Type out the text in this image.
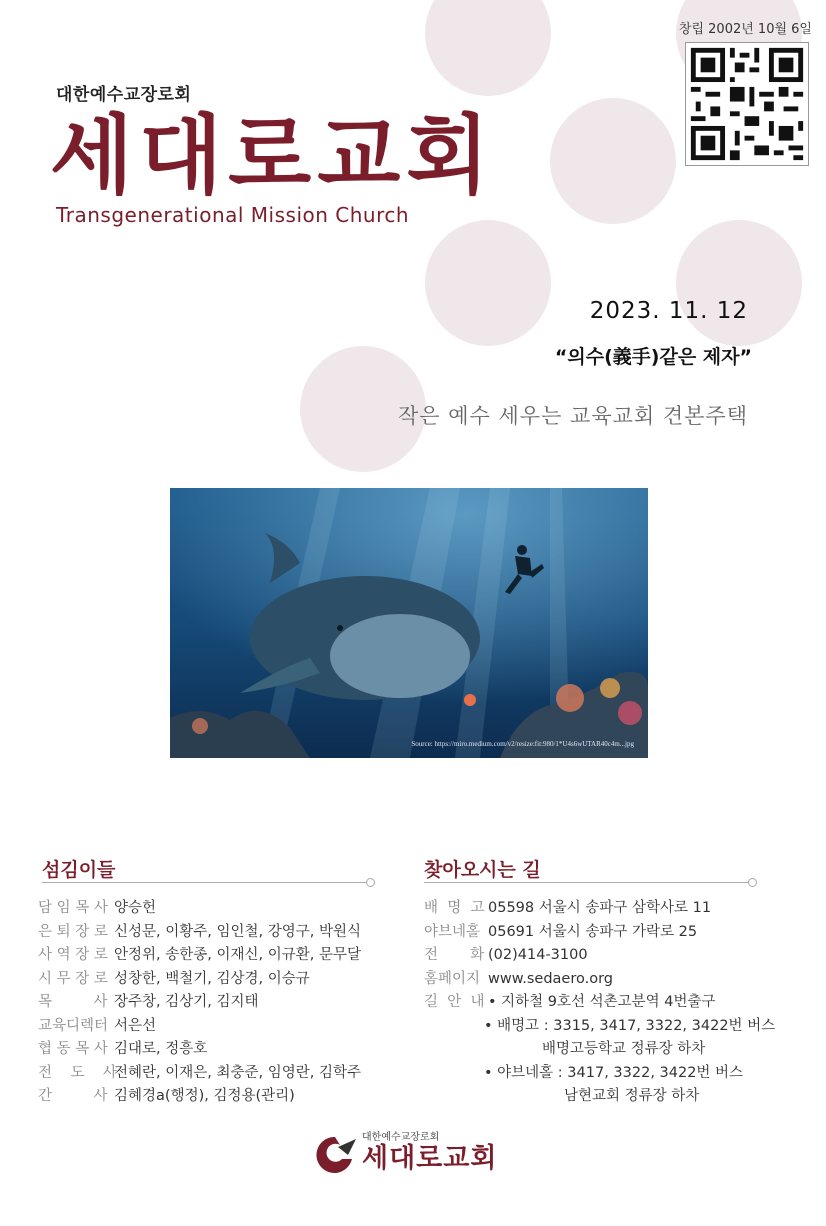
창립 2002년 10월 6일
대한예수교장로회
세대로교회
Transgenerational Mission Church
2023. 11. 12
“의수(義手)같은 제자”
작은 예수 세우는 교육교회 견본주택
Source: https://miro.medium.com/v2/resize:fit:980/1*U4s6wUTAR40c4m...jpg
섬김이들
담 임 목 사 양승헌
은 퇴 장 로 신성문, 이황주, 임인철, 강영구, 박원식
사 역 장 로 안정위, 송한종, 이재신, 이규환, 문무달
시 무 장 로 성창한, 백철기, 김상경, 이승규
목         사 장주창, 김상기, 김지태
교육디렉터 서은선
협 동 목 사 김대로, 정흥호
전    도    사
전혜란, 이재은, 최충준, 임영란, 김학주
간         사 김혜경a(행정), 김정용(관리)
찾아오시는 길
배  명  고 05598 서울시 송파구 삼학사로 11
야브네홀 05691 서울시 송파구 가락로 25
전       화 (02)414-3100
홈페이지 www.sedaero.org
길  안  내 • 지하철 9호선 석촌고분역 4번출구
• 배명고 : 3315, 3417, 3322, 3422번 버스
배명고등학교 정류장 하차
• 야브네홀 : 3417, 3322, 3422번 버스
남현교회 정류장 하차
대한예수교장로회
세대로교회
